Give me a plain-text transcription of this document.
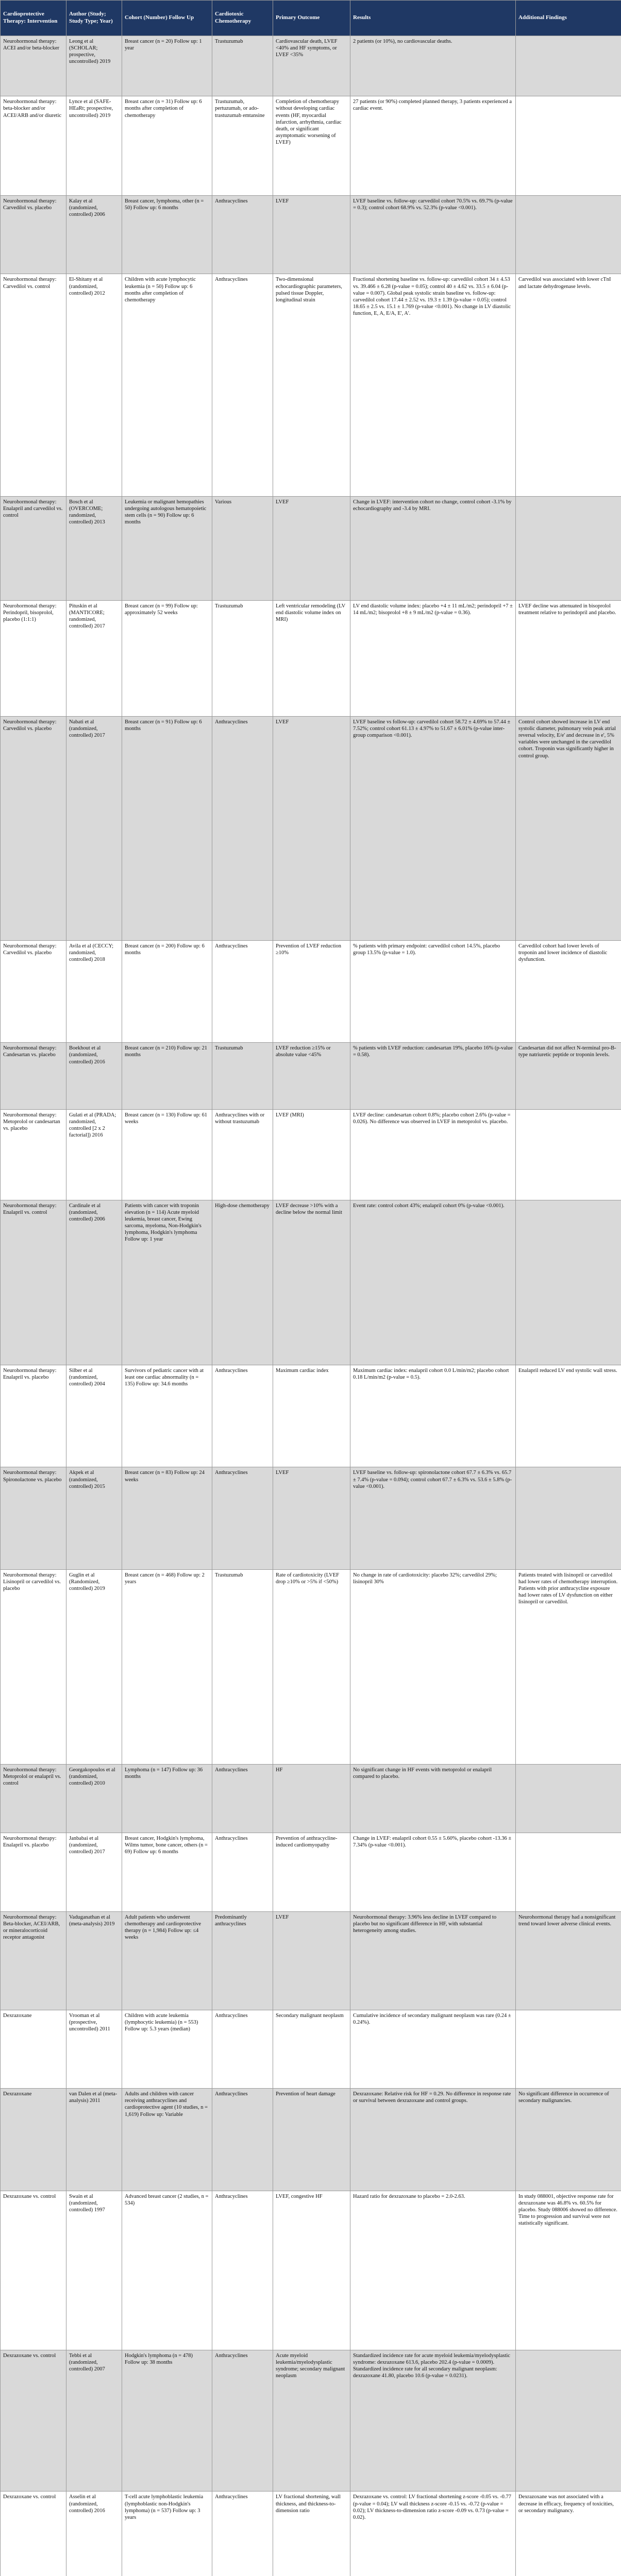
Cardioprotective Therapy: Intervention	Author (Study; Study Type; Year)	Cohort (Number) Follow Up	Cardiotoxic Chemotherapy	Primary Outcome	Results	Additional Findings
Neurohormonal therapy: ACEI and/or beta-blocker	Leong et al (SCHOLAR; prospective, uncontrolled) 2019	Breast cancer (n = 20) Follow up: 1 year	Trastuzumab	Cardiovascular death, LVEF <40% and HF symptoms, or LVEF <35%	2 patients (or 10%), no cardiovascular deaths.	
Neurohormonal therapy: beta-blocker and/or ACEI/ARB and/or diuretic	Lynce et al (SAFE-HEaRt; prospective, uncontrolled) 2019	Breast cancer (n = 31) Follow up: 6 months after completion of chemotherapy	Trastuzumab, pertuzumab, or ado-trastuzumab emtansine	Completion of chemotherapy without developing cardiac events (HF, myocardial infarction, arrhythmia, cardiac death, or significant asymptomatic worsening of LVEF)	27 patients (or 90%) completed planned therapy, 3 patients experienced a cardiac event.	
Neurohormonal therapy: Carvedilol vs. placebo	Kalay et al (randomized, controlled) 2006	Breast cancer, lymphoma, other (n = 50) Follow up: 6 months	Anthracyclines	LVEF	LVEF baseline vs. follow-up: carvedilol cohort 70.5% vs. 69.7% (p-value = 0.3); control cohort 68.9% vs. 52.3% (p-value <0.001).	
Neurohormonal therapy: Carvedilol vs. control	El-Shitany et al (randomized, controlled) 2012	Children with acute lymphocytic leukemia (n = 50) Follow up: 6 months after completion of chemotherapy	Anthracyclines	Two-dimensional echocardiographic parameters, pulsed tissue Doppler, longitudinal strain	Fractional shortening baseline vs. follow-up: carvedilol cohort 34 ± 4.53 vs. 39.466 ± 6.28 (p-value = 0.05); control 40 ± 4.62 vs. 33.5 ± 6.04 (p-value = 0.007). Global peak systolic strain baseline vs. follow-up: carvedilol cohort 17.44 ± 2.52 vs. 19.3 ± 1.39 (p-value = 0.05); control 18.65 ± 2.5 vs. 15.1 ± 1.769 (p-value <0.001). No change in LV diastolic function, E, A, E/A, E', A'.	Carvedilol was associated with lower cTnI and lactate dehydrogenase levels.
Neurohormonal therapy: Enalapril and carvedilol vs. control	Bosch et al (OVERCOME; randomized, controlled) 2013	Leukemia or malignant hemopathies undergoing autologous hematopoietic stem cells (n = 90) Follow up: 6 months	Various	LVEF	Change in LVEF: intervention cohort no change, control cohort -3.1% by echocardiography and -3.4 by MRI.	
Neurohormonal therapy: Perindopril, bisoprolol, placebo (1:1:1)	Pituskin et al (MANTICORE; randomized, controlled) 2017	Breast cancer (n = 99) Follow up: approximately 52 weeks	Trastuzumab	Left ventricular remodeling (LV end diastolic volume index on MRI)	LV end diastolic volume index: placebo +4 ± 11 mL/m2; perindopril +7 ± 14 mL/m2; bisoprolol +8 ± 9 mL/m2 (p-value = 0.36).	LVEF decline was attenuated in bisoprolol treatment relative to perindopril and placebo.
Neurohormonal therapy: Carvedilol vs. placebo	Nabati et al (randomized, controlled) 2017	Breast cancer (n = 91) Follow up: 6 months	Anthracyclines	LVEF	LVEF baseline vs follow-up: carvedilol cohort 58.72 ± 4.69% to 57.44 ± 7.52%; control cohort 61.13 ± 4.97% to 51.67 ± 6.01% (p-value inter-group comparison <0.001).	Control cohort showed increase in LV end systolic diameter, pulmonary vein peak atrial reversal velocity, E/e' and decrease in e', 5% variables were unchanged in the carvedilol cohort. Troponin was significantly higher in control group.
Neurohormonal therapy: Carvedilol vs. placebo	Avila et al (CECCY; randomized, controlled) 2018	Breast cancer (n = 200) Follow up: 6 months	Anthracyclines	Prevention of LVEF reduction ≥10%	% patients with primary endpoint: carvedilol cohort 14.5%, placebo group 13.5% (p-value = 1.0).	Carvedilol cohort had lower levels of troponin and lower incidence of diastolic dysfunction.
Neurohormonal therapy: Candesartan vs. placebo	Boekhout et al (randomized, controlled) 2016	Breast cancer (n = 210) Follow up: 21 months	Trastuzumab	LVEF reduction ≥15% or absolute value <45%	% patients with LVEF reduction: candesartan 19%, placebo 16% (p-value = 0.58).	Candesartan did not affect N-terminal pro-B-type natriuretic peptide or troponin levels.
Neurohormonal therapy: Metoprolol or candesartan vs. placebo	Gulati et al (PRADA; randomized, controlled [2 x 2 factorial]) 2016	Breast cancer (n = 130) Follow up: 61 weeks	Anthracyclines with or without trastuzumab	LVEF (MRI)	LVEF decline: candesartan cohort 0.8%; placebo cohort 2.6% (p-value = 0.026). No difference was observed in LVEF in metoprolol vs. placebo.	
Neurohormonal therapy: Enalapril vs. control	Cardinale et al (randomized, controlled) 2006	Patients with cancer with troponin elevation (n = 114) Acute myeloid leukemia, breast cancer, Ewing sarcoma, myeloma, Non-Hodgkin's lymphoma, Hodgkin's lymphoma Follow up: 1 year	High-dose chemotherapy	LVEF decrease >10% with a decline below the normal limit	Event rate: control cohort 43%; enalapril cohort 0% (p-value <0.001).	
Neurohormonal therapy: Enalapril vs. placebo	Silber et al (randomized, controlled) 2004	Survivors of pediatric cancer with at least one cardiac abnormality (n = 135) Follow up: 34.6 months	Anthracyclines	Maximum cardiac index	Maximum cardiac index: enalapril cohort 0.0 L/min/m2; placebo cohort 0.18 L/min/m2 (p-value = 0.5).	Enalapril reduced LV end systolic wall stress.
Neurohormonal therapy: Spironolactone vs. placebo	Akpek et al (randomized, controlled) 2015	Breast cancer (n = 83) Follow up: 24 weeks	Anthracyclines	LVEF	LVEF baseline vs. follow-up: spironolactone cohort 67.7 ± 6.3% vs. 65.7 ± 7.4% (p-value = 0.094); control cohort 67.7 ± 6.3% vs. 53.6 ± 5.8% (p-value <0.001).	
Neurohormonal therapy: Lisinopril or carvedilol vs. placebo	Guglin et al (Randomized, controlled) 2019	Breast cancer (n = 468) Follow up: 2 years	Trastuzumab	Rate of cardiotoxicity (LVEF drop ≥10% or >5% if <50%)	No change in rate of cardiotoxicity: placebo 32%; carvedilol 29%; lisinopril 30%	Patients treated with lisinopril or carvedilol had lower rates of chemotherapy interruption. Patients with prior anthracycline exposure had lower rates of LV dysfunction on either lisinopril or carvedilol.
Neurohormonal therapy: Metoprolol or enalapril vs. control	Georgakopoulos et al (randomized, controlled) 2010	Lymphoma (n = 147) Follow up: 36 months	Anthracyclines	HF	No significant change in HF events with metoprolol or enalapril compared to placebo.	
Neurohormonal therapy: Enalapril vs. placebo	Janbabai et al (randomized, controlled) 2017	Breast cancer, Hodgkin's lymphoma, Wilms tumor, bone cancer, others (n = 69) Follow up: 6 months	Anthracyclines	Prevention of anthracycline-induced cardiomyopathy	Change in LVEF: enalapril cohort 0.55 ± 5.60%, placebo cohort -13.36 ± 7.34% (p-value <0.001).	
Neurohormonal therapy: Beta-blocker, ACEI/ARB, or mineralocorticoid receptor antagonist	Vaduganathan et al (meta-analysis) 2019	Adult patients who underwent chemotherapy and cardioprotective therapy (n = 1,984) Follow up: ≤4 weeks	Predominantly anthracyclines	LVEF	Neurohormonal therapy: 3.96% less decline in LVEF compared to placebo but no significant difference in HF, with substantial heterogeneity among studies.	Neurohormonal therapy had a nonsignificant trend toward lower adverse clinical events.
Dexrazoxane	Vrooman et al (prospective, uncontrolled) 2011	Children with acute leukemia (lymphocytic leukemia) (n = 553) Follow up: 5.3 years (median)	Anthracyclines	Secondary malignant neoplasm	Cumulative incidence of secondary malignant neoplasm was rare (0.24 ± 0.24%).	
Dexrazoxane	van Dalen et al (meta-analysis) 2011	Adults and children with cancer receiving anthracyclines and cardioprotective agent (10 studies, n = 1,619) Follow up: Variable	Anthracyclines	Prevention of heart damage	Dexrazoxane: Relative risk for HF = 0.29. No difference in response rate or survival between dexrazoxane and control groups.	No significant difference in occurrence of secondary malignancies.
Dexrazoxane vs. control	Swain et al (randomized, controlled) 1997	Advanced breast cancer (2 studies, n = 534)	Anthracyclines	LVEF, congestive HF	Hazard ratio for dexrazoxane to placebo = 2.0-2.63.	In study 088001, objective response rate for dexrazoxane was 46.8% vs. 60.5% for placebo. Study 088006 showed no difference. Time to progression and survival were not statistically significant.
Dexrazoxane vs. control	Tebbi et al (randomized, controlled) 2007	Hodgkin's lymphoma (n = 478) Follow up: 38 months	Anthracyclines	Acute myeloid leukemia/myelodysplastic syndrome; secondary malignant neoplasm	Standardized incidence rate for acute myeloid leukemia/myelodysplastic syndrome: dexrazoxane 613.6, placebo 202.4 (p-value = 0.0009). Standardized incidence rate for all secondary malignant neoplasm: dexrazoxane 41.80, placebo 10.6 (p-value = 0.0231).	
Dexrazoxane vs. control	Asselin et al (randomized, controlled) 2016	T-cell acute lymphoblastic leukemia (lymphoblastic non-Hodgkin's lymphoma) (n = 537) Follow up: 3 years	Anthracyclines	LV fractional shortening, wall thickness, and thickness-to-dimension ratio	Dexrazoxane vs. control: LV fractional shortening z-score -0.05 vs. -0.77 (p-value = 0.04); LV wall thickness z-score -0.15 vs. -0.72 (p-value = 0.02); LV thickness-to-dimension ratio z-score -0.09 vs. 0.73 (p-value = 0.02).	Dexrazoxane was not associated with a decrease in efficacy, frequency of toxicities, or secondary malignancy.
